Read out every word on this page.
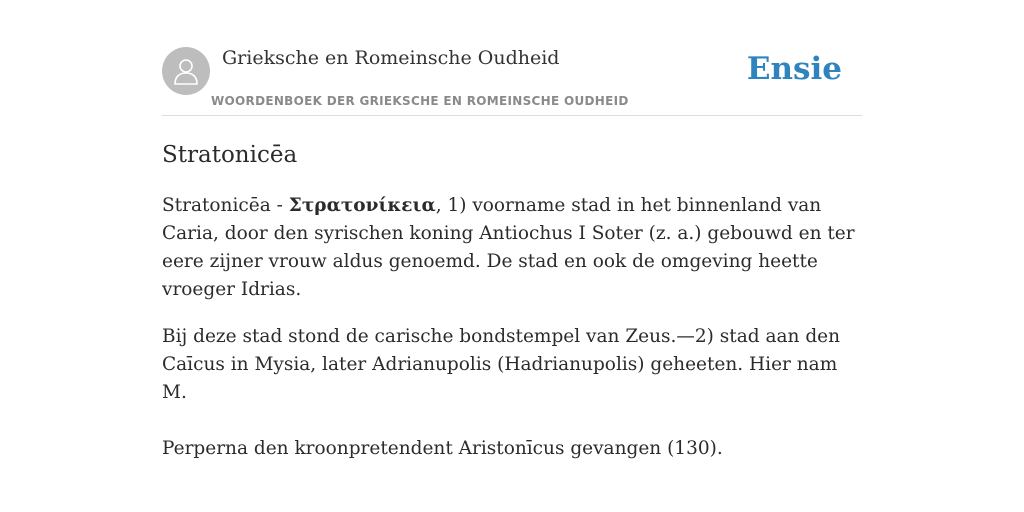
Grieksche en Romeinsche Oudheid
WOORDENBOEK DER GRIEKSCHE EN ROMEINSCHE OUDHEID
Ensie
Stratonicēa

Stratonicēa - Στρατονίκεια, 1) voorname stad in het binnenland van Caria, door den syrischen koning Antiochus I Soter (z. a.) gebouwd en ter eere zijner vrouw aldus genoemd. De stad en ook de omgeving heette vroeger Idrias.

Bij deze stad stond de carische bondstempel van Zeus.—2) stad aan den Caīcus in Mysia, later Adrianupolis (Hadrianupolis) geheeten. Hier nam M.

Perperna den kroonpretendent Aristonīcus gevangen (130).
